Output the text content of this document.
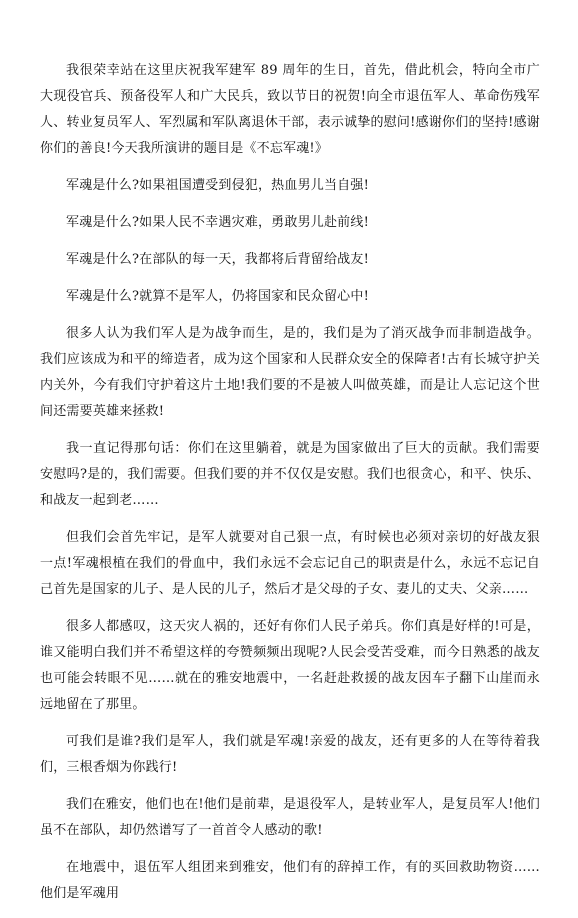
我很荣幸站在这里庆祝我军建军 89 周年的生日，首先，借此机会，特向全市广大现役官兵、预备役军人和广大民兵，致以节日的祝贺!向全市退伍军人、革命伤残军人、转业复员军人、军烈属和军队离退休干部，表示诚挚的慰问!感谢你们的坚持!感谢你们的善良!今天我所演讲的题目是《不忘军魂!》

军魂是什么?如果祖国遭受到侵犯，热血男儿当自强!

军魂是什么?如果人民不幸遇灾难，勇敢男儿赴前线!

军魂是什么?在部队的每一天，我都将后背留给战友!

军魂是什么?就算不是军人，仍将国家和民众留心中!

很多人认为我们军人是为战争而生，是的，我们是为了消灭战争而非制造战争。我们应该成为和平的缔造者，成为这个国家和人民群众安全的保障者!古有长城守护关内关外，今有我们守护着这片土地!我们要的不是被人叫做英雄，而是让人忘记这个世间还需要英雄来拯救!

我一直记得那句话：你们在这里躺着，就是为国家做出了巨大的贡献。我们需要安慰吗?是的，我们需要。但我们要的并不仅仅是安慰。我们也很贪心，和平、快乐、和战友一起到老……

但我们会首先牢记，是军人就要对自己狠一点，有时候也必须对亲切的好战友狠一点!军魂根植在我们的骨血中，我们永远不会忘记自己的职责是什么，永远不忘记自己首先是国家的儿子、是人民的儿子，然后才是父母的子女、妻儿的丈夫、父亲……

很多人都感叹，这天灾人祸的，还好有你们人民子弟兵。你们真是好样的!可是，谁又能明白我们并不希望这样的夸赞频频出现呢?人民会受苦受难，而今日熟悉的战友也可能会转眼不见……就在的雅安地震中，一名赶赴救援的战友因车子翻下山崖而永远地留在了那里。

可我们是谁?我们是军人，我们就是军魂!亲爱的战友，还有更多的人在等待着我们，三根香烟为你践行!

我们在雅安，他们也在!他们是前辈，是退役军人，是转业军人，是复员军人!他们虽不在部队，却仍然谱写了一首首令人感动的歌!

在地震中，退伍军人组团来到雅安，他们有的辞掉工作，有的买回救助物资……他们是军魂用
